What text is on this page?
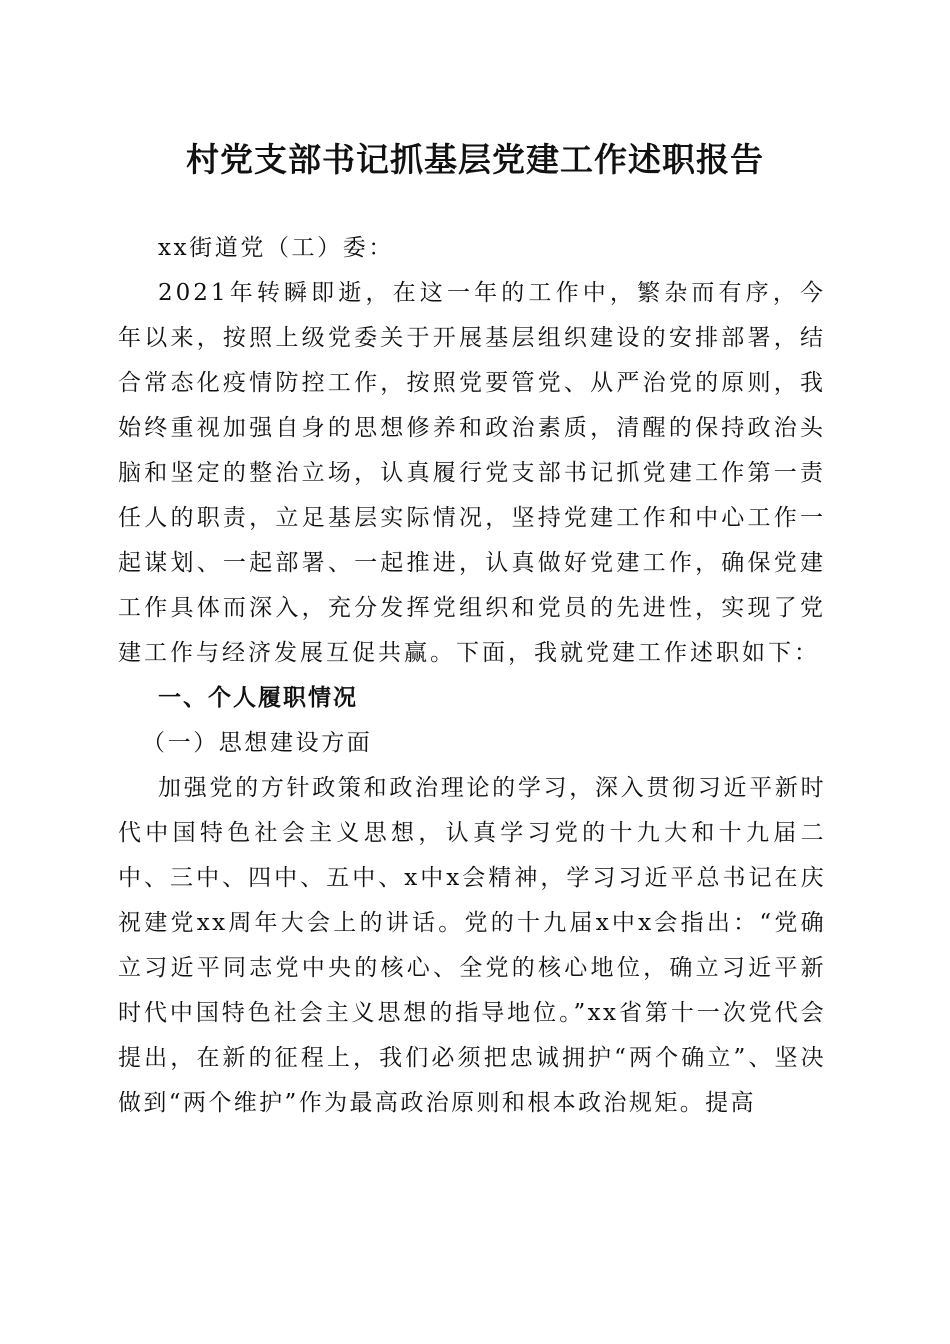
村党支部书记抓基层党建工作述职报告

xx街道党（工）委：

2021年转瞬即逝，在这一年的工作中，繁杂而有序，今年以来，按照上级党委关于开展基层组织建设的安排部署，结合常态化疫情防控工作，按照党要管党、从严治党的原则，我始终重视加强自身的思想修养和政治素质，清醒的保持政治头脑和坚定的整治立场，认真履行党支部书记抓党建工作第一责任人的职责，立足基层实际情况，坚持党建工作和中心工作一起谋划、一起部署、一起推进，认真做好党建工作，确保党建工作具体而深入，充分发挥党组织和党员的先进性，实现了党建工作与经济发展互促共赢。下面，我就党建工作述职如下：

一、个人履职情况

（一）思想建设方面

加强党的方针政策和政治理论的学习，深入贯彻习近平新时代中国特色社会主义思想，认真学习党的十九大和十九届二中、三中、四中、五中、x中x会精神，学习习近平总书记在庆祝建党xx周年大会上的讲话。党的十九届x中x会指出：“党确立习近平同志党中央的核心、全党的核心地位，确立习近平新时代中国特色社会主义思想的指导地位。”xx省第十一次党代会提出，在新的征程上，我们必须把忠诚拥护“两个确立”、坚决做到“两个维护”作为最高政治原则和根本政治规矩。提高
